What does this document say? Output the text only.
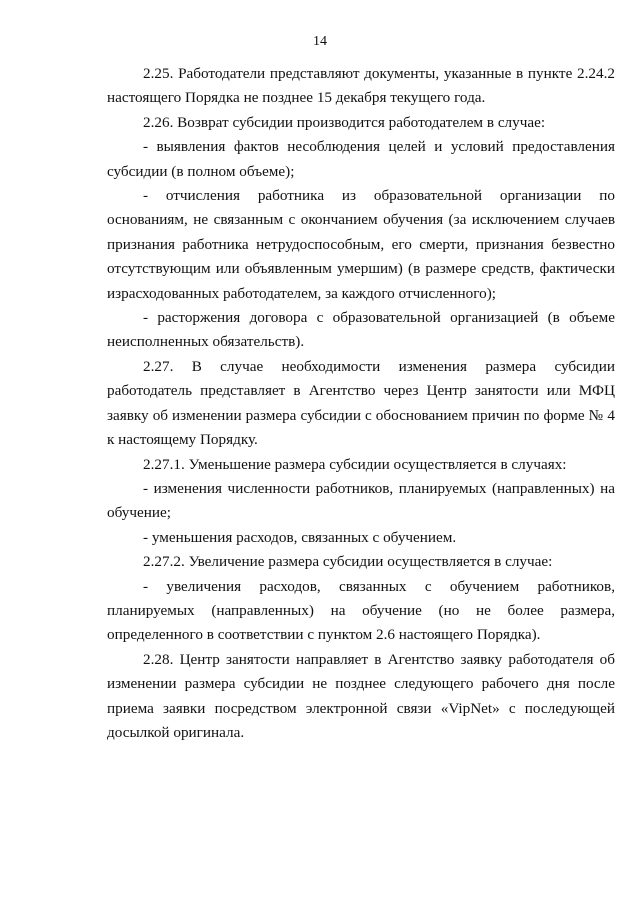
14

2.25. Работодатели представляют документы, указанные в пункте 2.24.2 настоящего Порядка не позднее 15 декабря текущего года.

2.26. Возврат субсидии производится работодателем в случае:

- выявления фактов несоблюдения целей и условий предоставления субсидии (в полном объеме);

- отчисления работника из образовательной организации по основаниям, не связанным с окончанием обучения (за исключением случаев признания работника нетрудоспособным, его смерти, признания безвестно отсутствующим или объявленным умершим) (в размере средств, фактически израсходованных работодателем, за каждого отчисленного);

- расторжения договора с образовательной организацией (в объеме неисполненных обязательств).

2.27. В случае необходимости изменения размера субсидии работодатель представляет в Агентство через Центр занятости или МФЦ заявку об изменении размера субсидии с обоснованием причин по форме № 4 к настоящему Порядку.

2.27.1. Уменьшение размера субсидии осуществляется в случаях:

- изменения численности работников, планируемых (направленных) на обучение;

- уменьшения расходов, связанных с обучением.

2.27.2. Увеличение размера субсидии осуществляется в случае:

- увеличения расходов, связанных с обучением работников, планируемых (направленных) на обучение (но не более размера, определенного в соответствии с пунктом 2.6 настоящего Порядка).

2.28. Центр занятости направляет в Агентство заявку работодателя об изменении размера субсидии не позднее следующего рабочего дня после приема заявки посредством электронной связи «VipNet» с последующей досылкой оригинала.
